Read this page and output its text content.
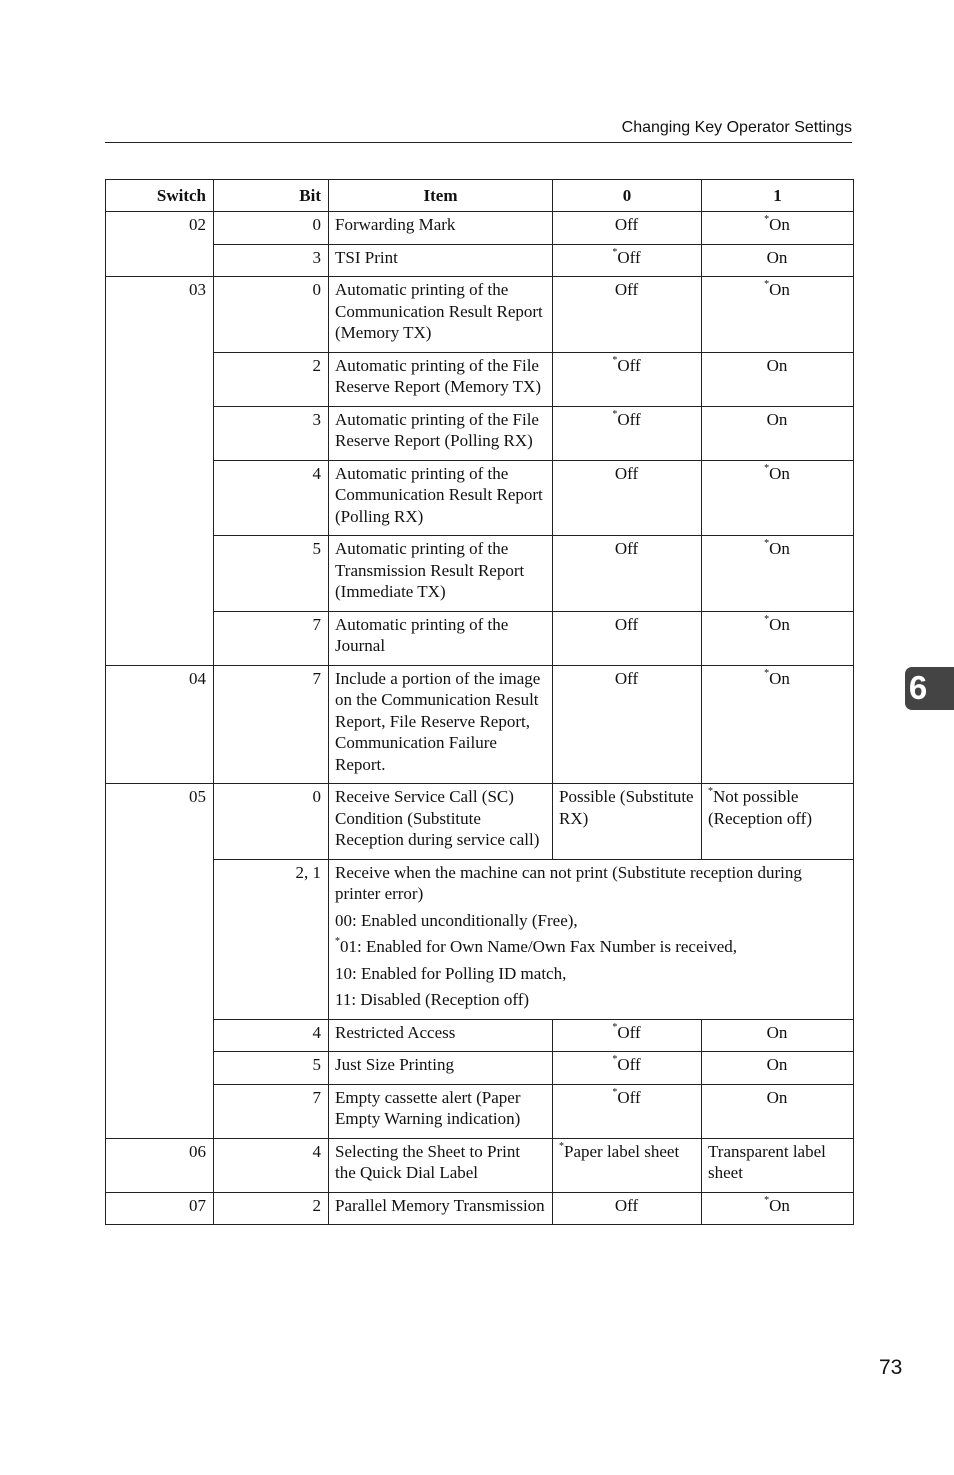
Changing Key Operator Settings
6
Switch	Bit	Item	0	1
02	0	Forwarding Mark	Off	*On
	3	TSI Print	*Off	On
03	0	Automatic printing of the Communication Result Report (Memory TX)	Off	*On
	2	Automatic printing of the File Reserve Report (Memory TX)	*Off	On
	3	Automatic printing of the File Reserve Report (Polling RX)	*Off	On
	4	Automatic printing of the Communication Result Report (Polling RX)	Off	*On
	5	Automatic printing of the Transmission Result Report (Immediate TX)	Off	*On
	7	Automatic printing of the Journal	Off	*On
04	7	Include a portion of the image on the Communication Result Report, File Reserve Report, Communication Failure Report.	Off	*On
05	0	Receive Service Call (SC) Condition (Substitute Reception during service call)	Possible (Substitute RX)	*Not possible (Reception off)
	2, 1	Receive when the machine can not print (Substitute reception during printer error)
00: Enabled unconditionally (Free),
*01: Enabled for Own Name/Own Fax Number is received,
10: Enabled for Polling ID match,
11: Disabled (Reception off)		

	4	Restricted Access	*Off	On
	5	Just Size Printing	*Off	On
	7	Empty cassette alert (Paper Empty Warning indication)	*Off	On
06	4	Selecting the Sheet to Print the Quick Dial Label	*Paper label sheet	Transparent label sheet
07	2	Parallel Memory Transmission	Off	*On
73
